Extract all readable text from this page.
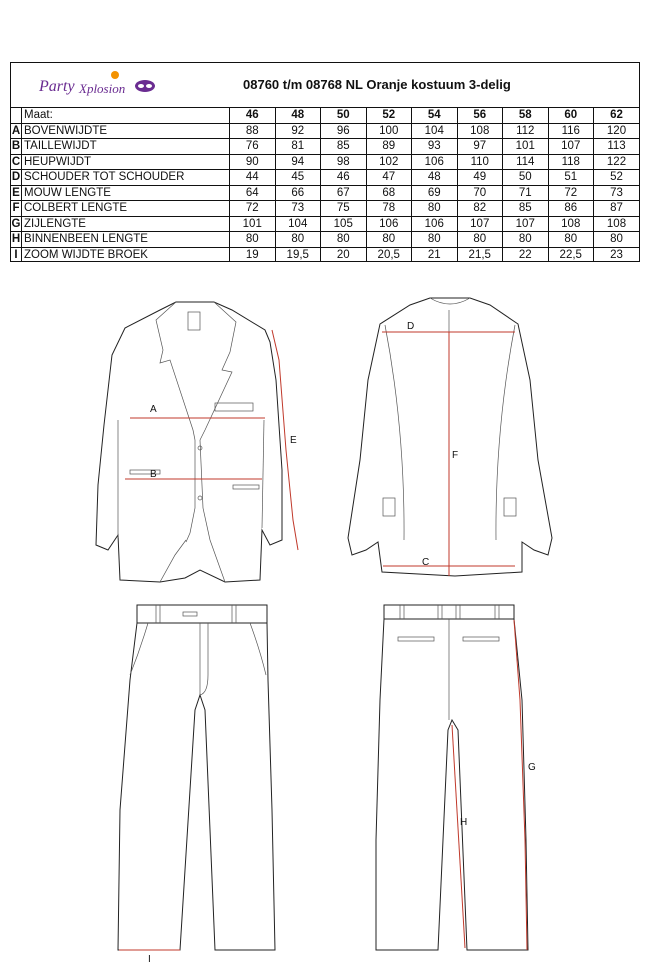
Party Xplosion	08760 t/m 08768 NL Oranje kostuum 3-delig
	Maat:	46	48	50	52	54	56	58	60	62
A	BOVENWIJDTE	88	92	96	100	104	108	112	116	120
B	TAILLEWIJDT	76	81	85	89	93	97	101	107	113
C	HEUPWIJDT	90	94	98	102	106	110	114	118	122
D	SCHOUDER TOT SCHOUDER	44	45	46	47	48	49	50	51	52
E	MOUW LENGTE	64	66	67	68	69	70	71	72	73
F	COLBERT LENGTE	72	73	75	78	80	82	85	86	87
G	ZIJLENGTE	101	104	105	106	106	107	107	108	108
H	BINNENBEEN LENGTE	80	80	80	80	80	80	80	80	80
I	ZOOM WIJDTE BROEK	19	19,5	20	20,5	21	21,5	22	22,5	23
A
B
E
D
F
C
I
G
H
